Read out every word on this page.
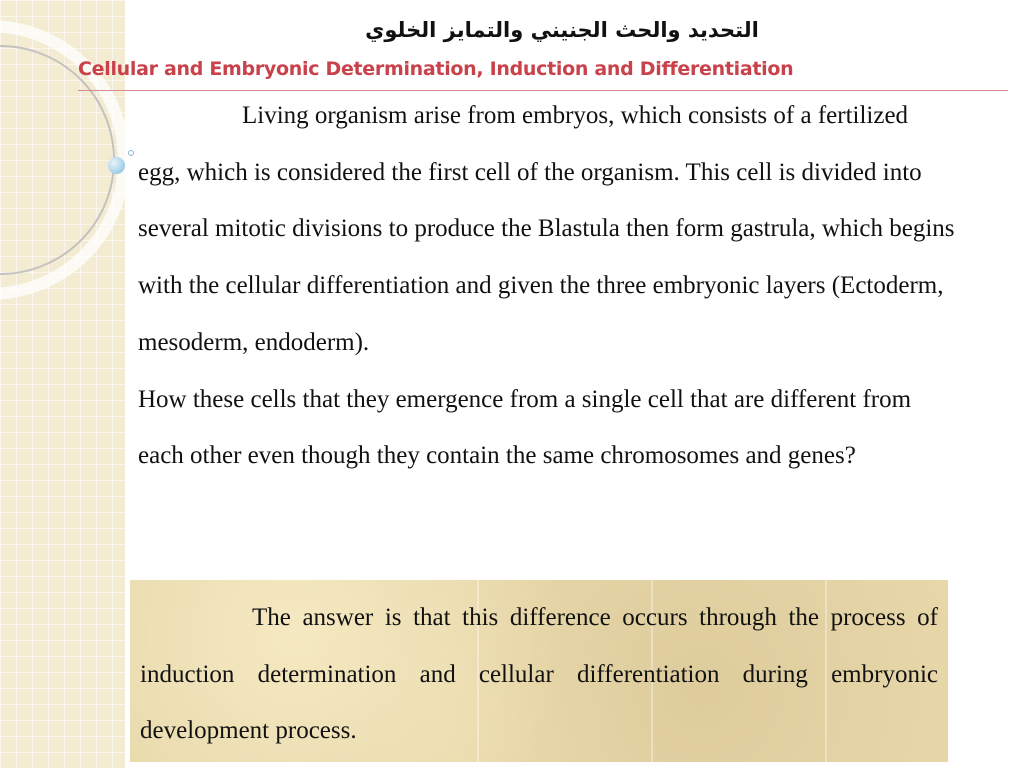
التحديد والحث الجنيني والتمايز الخلوي
Cellular and Embryonic Determination, Induction and Differentiation

Living organism arise from embryos, which consists of a fertilized egg, which is considered the first cell of the organism. This cell is divided into several mitotic divisions to produce the Blastula then form gastrula, which begins with the cellular differentiation and given the three embryonic layers (Ectoderm, mesoderm, endoderm).

How these cells that they emergence from a single cell that are different from each other even though they contain the same chromosomes and genes?

The answer is that this difference occurs through the process of induction determination and cellular differentiation during embryonic development process.
